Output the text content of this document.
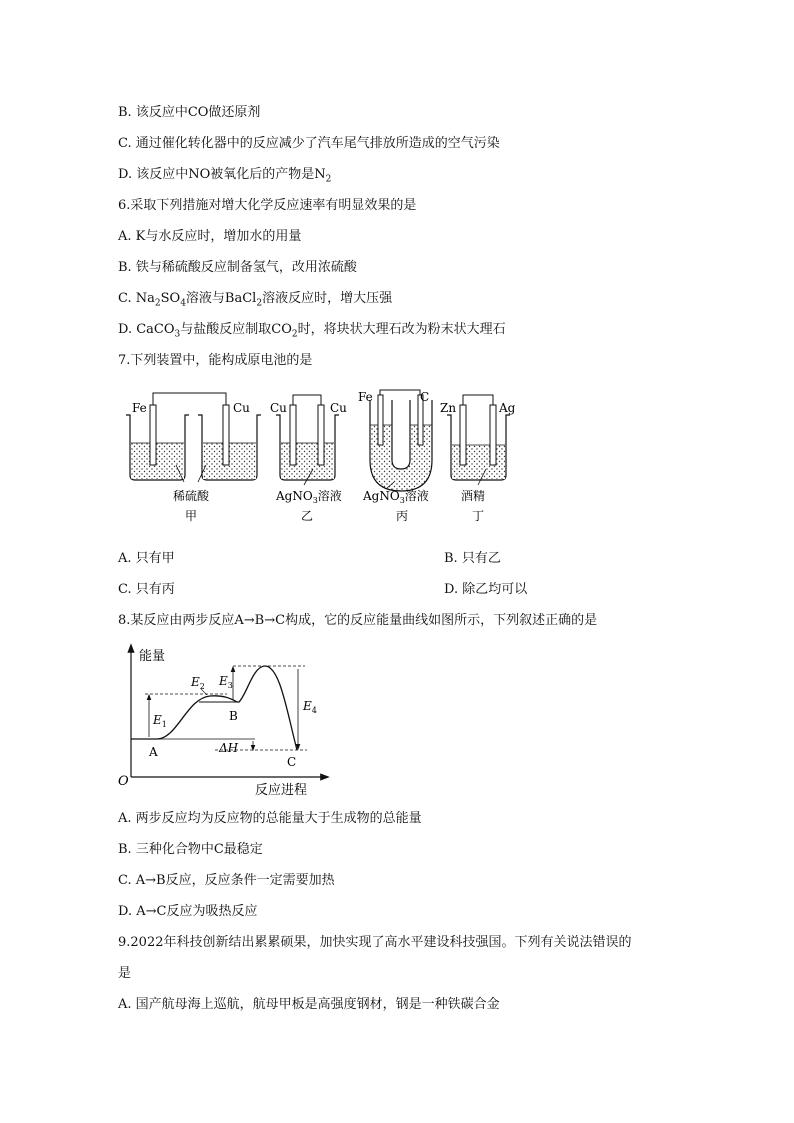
B. 该反应中CO做还原剂
C. 通过催化转化器中的反应减少了汽车尾气排放所造成的空气污染
D. 该反应中NO被氧化后的产物是$N_2$
6.采取下列措施对增大化学反应速率有明显效果的是
A. K与水反应时，增加水的用量
B. 铁与稀硫酸反应制备氢气，改用浓硫酸
C. $Na_2SO_4$溶液与BaCl$_2$溶液反应时，增大压强
D. CaCO$_3$与盐酸反应制取$CO_2$时，将块状大理石改为粉末状大理石
7.下列装置中，能构成原电池的是
Fe	Cu
稀硫酸
甲
Cu	Cu
AgNO$_3$溶液
乙
Fe	C
AgNO$_3$溶液
丙
Zn	Ag
酒精
丁
A. 只有甲	B. 只有乙
C. 只有丙	D. 除乙均可以
8.某反应由两步反应A→B→C构成，它的反应能量曲线如图所示，下列叙述正确的是
能量
反应进程
O
$E_1$
$E_2$ $E_3$
$E_4$
ΔH
A
B
C
A. 两步反应均为反应物的总能量大于生成物的总能量
B. 三种化合物中C最稳定
C. A→B反应，反应条件一定需要加热
D. A→C反应为吸热反应
9.2022年科技创新结出累累硕果，加快实现了高水平建设科技强国。下列有关说法错误的
是
A. 国产航母海上巡航，航母甲板是高强度钢材，钢是一种铁碳合金
